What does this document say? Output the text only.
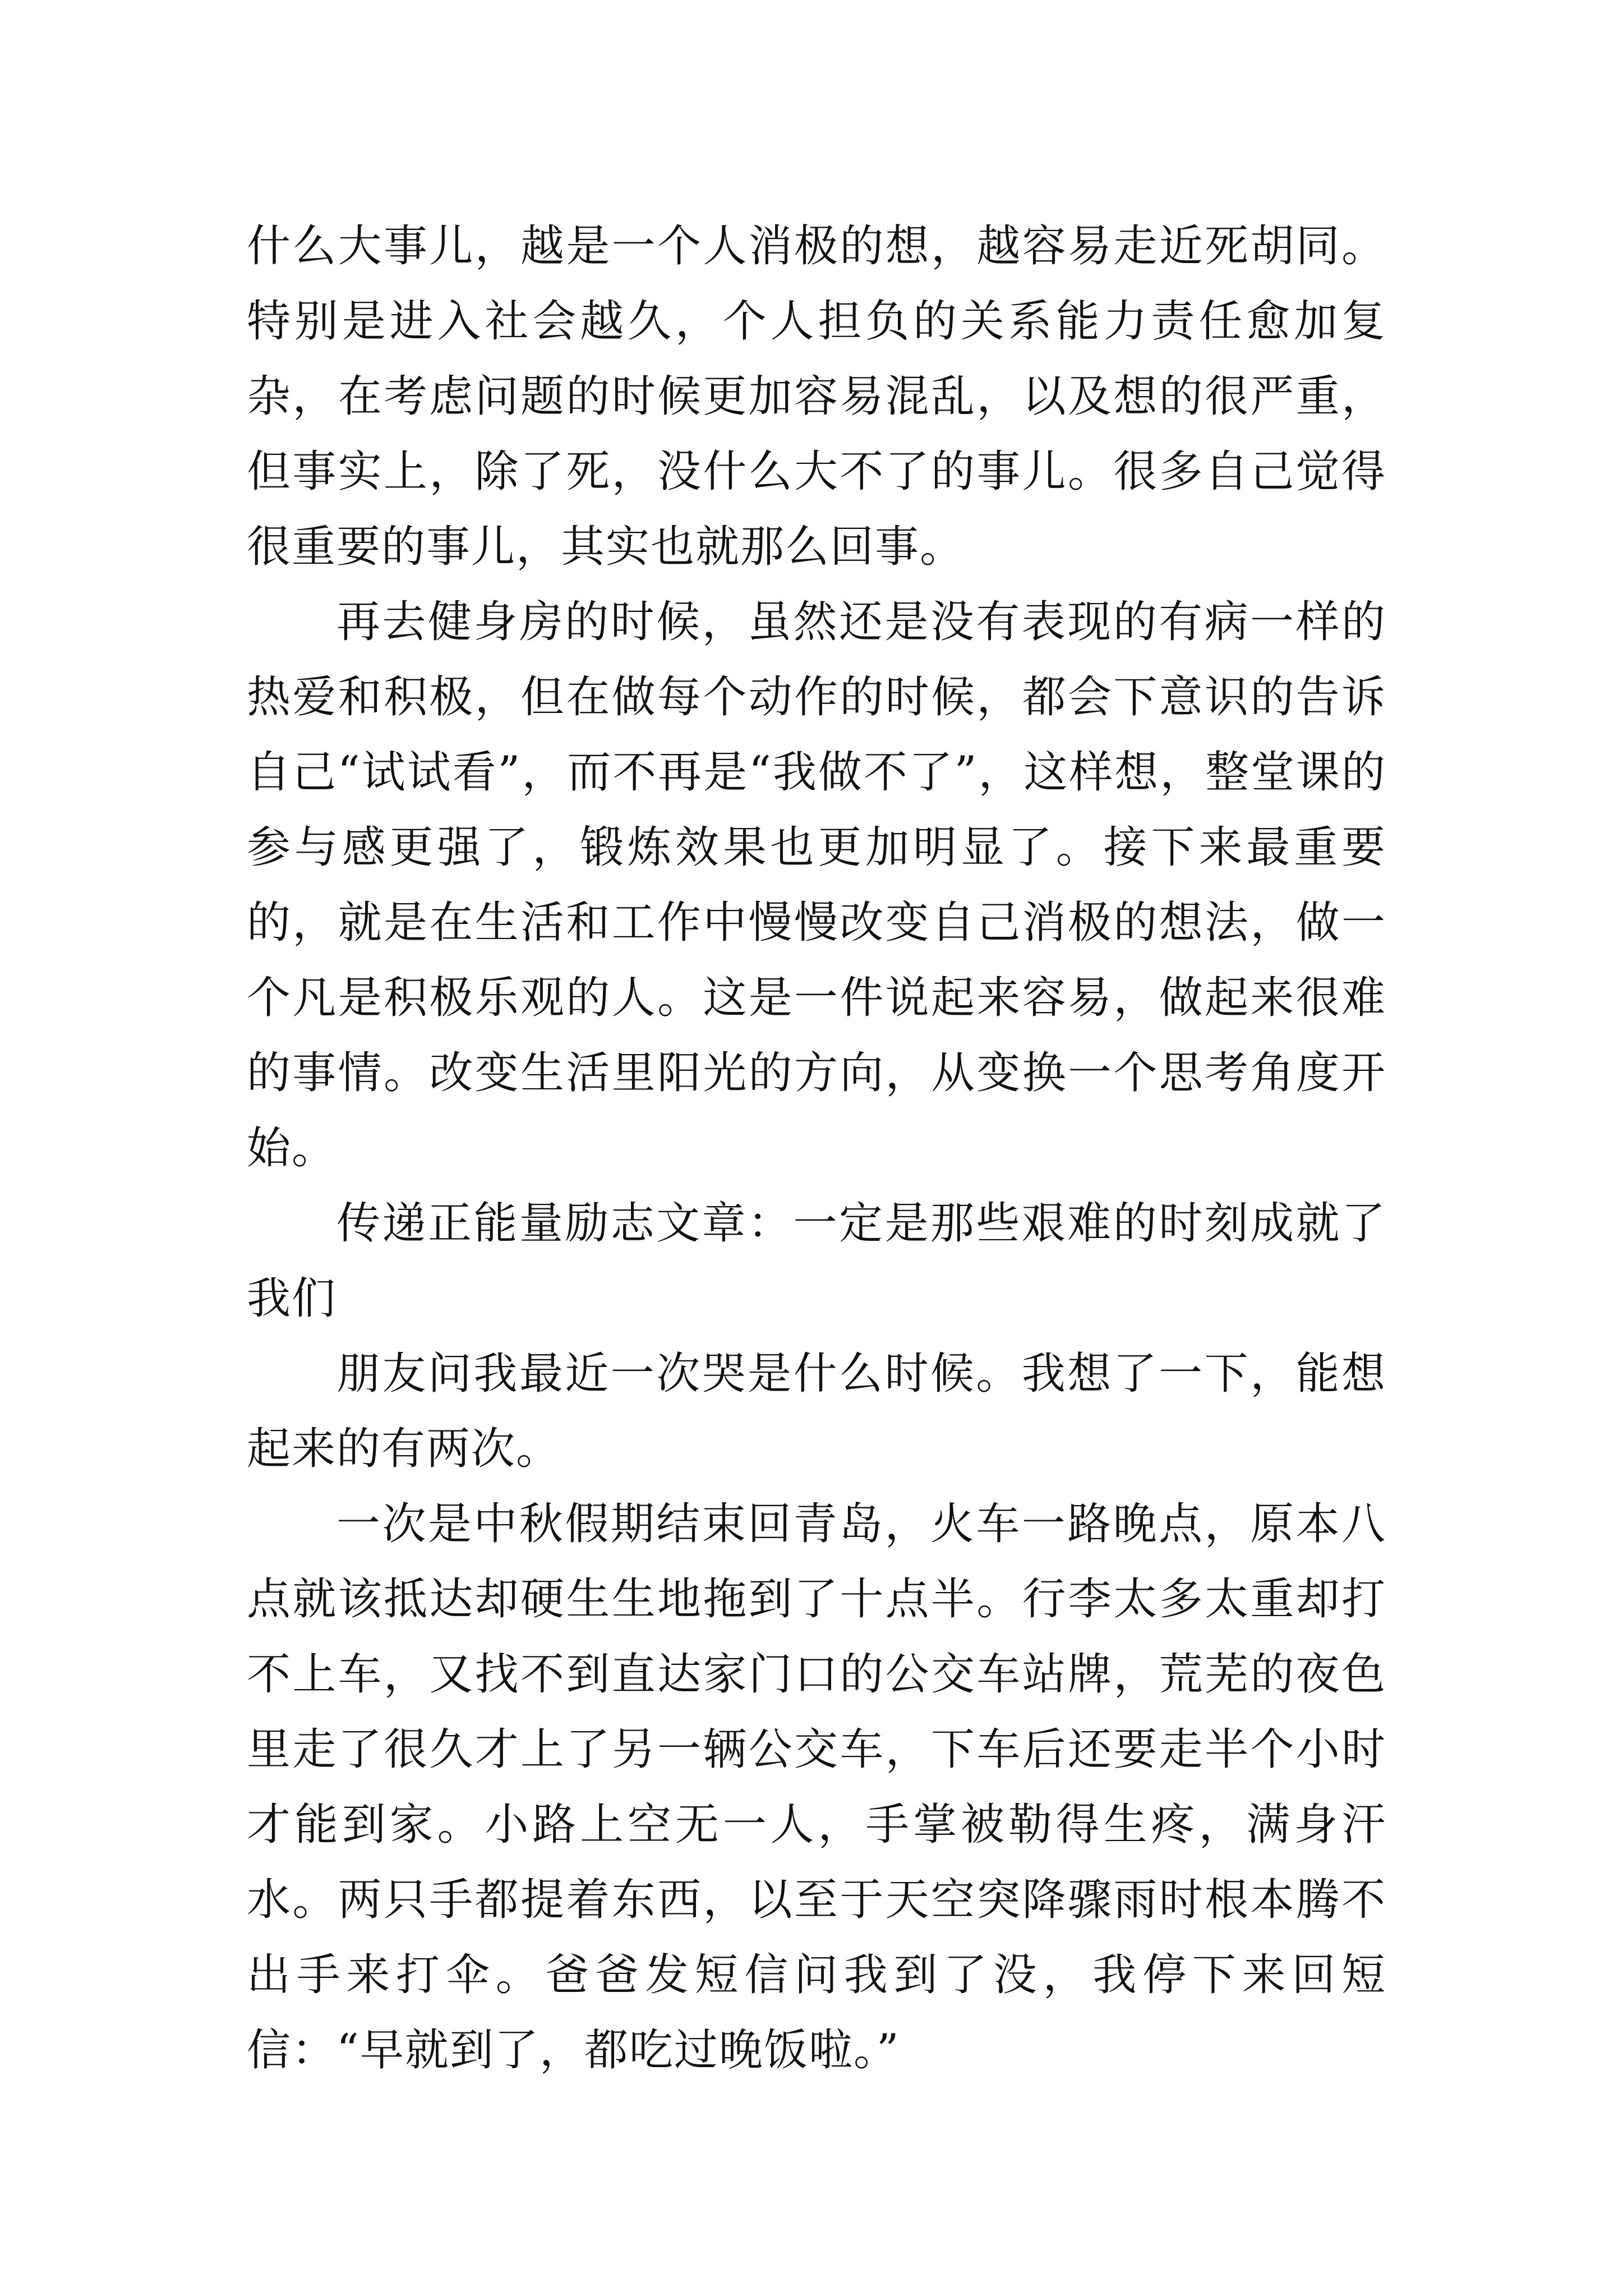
什么大事儿，越是一个人消极的想，越容易走近死胡同。特别是进入社会越久，个人担负的关系能力责任愈加复杂，在考虑问题的时候更加容易混乱，以及想的很严重，但事实上，除了死，没什么大不了的事儿。很多自己觉得很重要的事儿，其实也就那么回事。

再去健身房的时候，虽然还是没有表现的有病一样的热爱和积极，但在做每个动作的时候，都会下意识的告诉自己“试试看”，而不再是“我做不了”，这样想，整堂课的参与感更强了，锻炼效果也更加明显了。接下来最重要的，就是在生活和工作中慢慢改变自己消极的想法，做一个凡是积极乐观的人。这是一件说起来容易，做起来很难的事情。改变生活里阳光的方向，从变换一个思考角度开始。

传递正能量励志文章：一定是那些艰难的时刻成就了我们

朋友问我最近一次哭是什么时候。我想了一下，能想起来的有两次。

一次是中秋假期结束回青岛，火车一路晚点，原本八点就该抵达却硬生生地拖到了十点半。行李太多太重却打不上车，又找不到直达家门口的公交车站牌，荒芜的夜色里走了很久才上了另一辆公交车，下车后还要走半个小时才能到家。小路上空无一人，手掌被勒得生疼，满身汗水。两只手都提着东西，以至于天空突降骤雨时根本腾不出手来打伞。爸爸发短信问我到了没，我停下来回短信：“早就到了，都吃过晚饭啦。”
